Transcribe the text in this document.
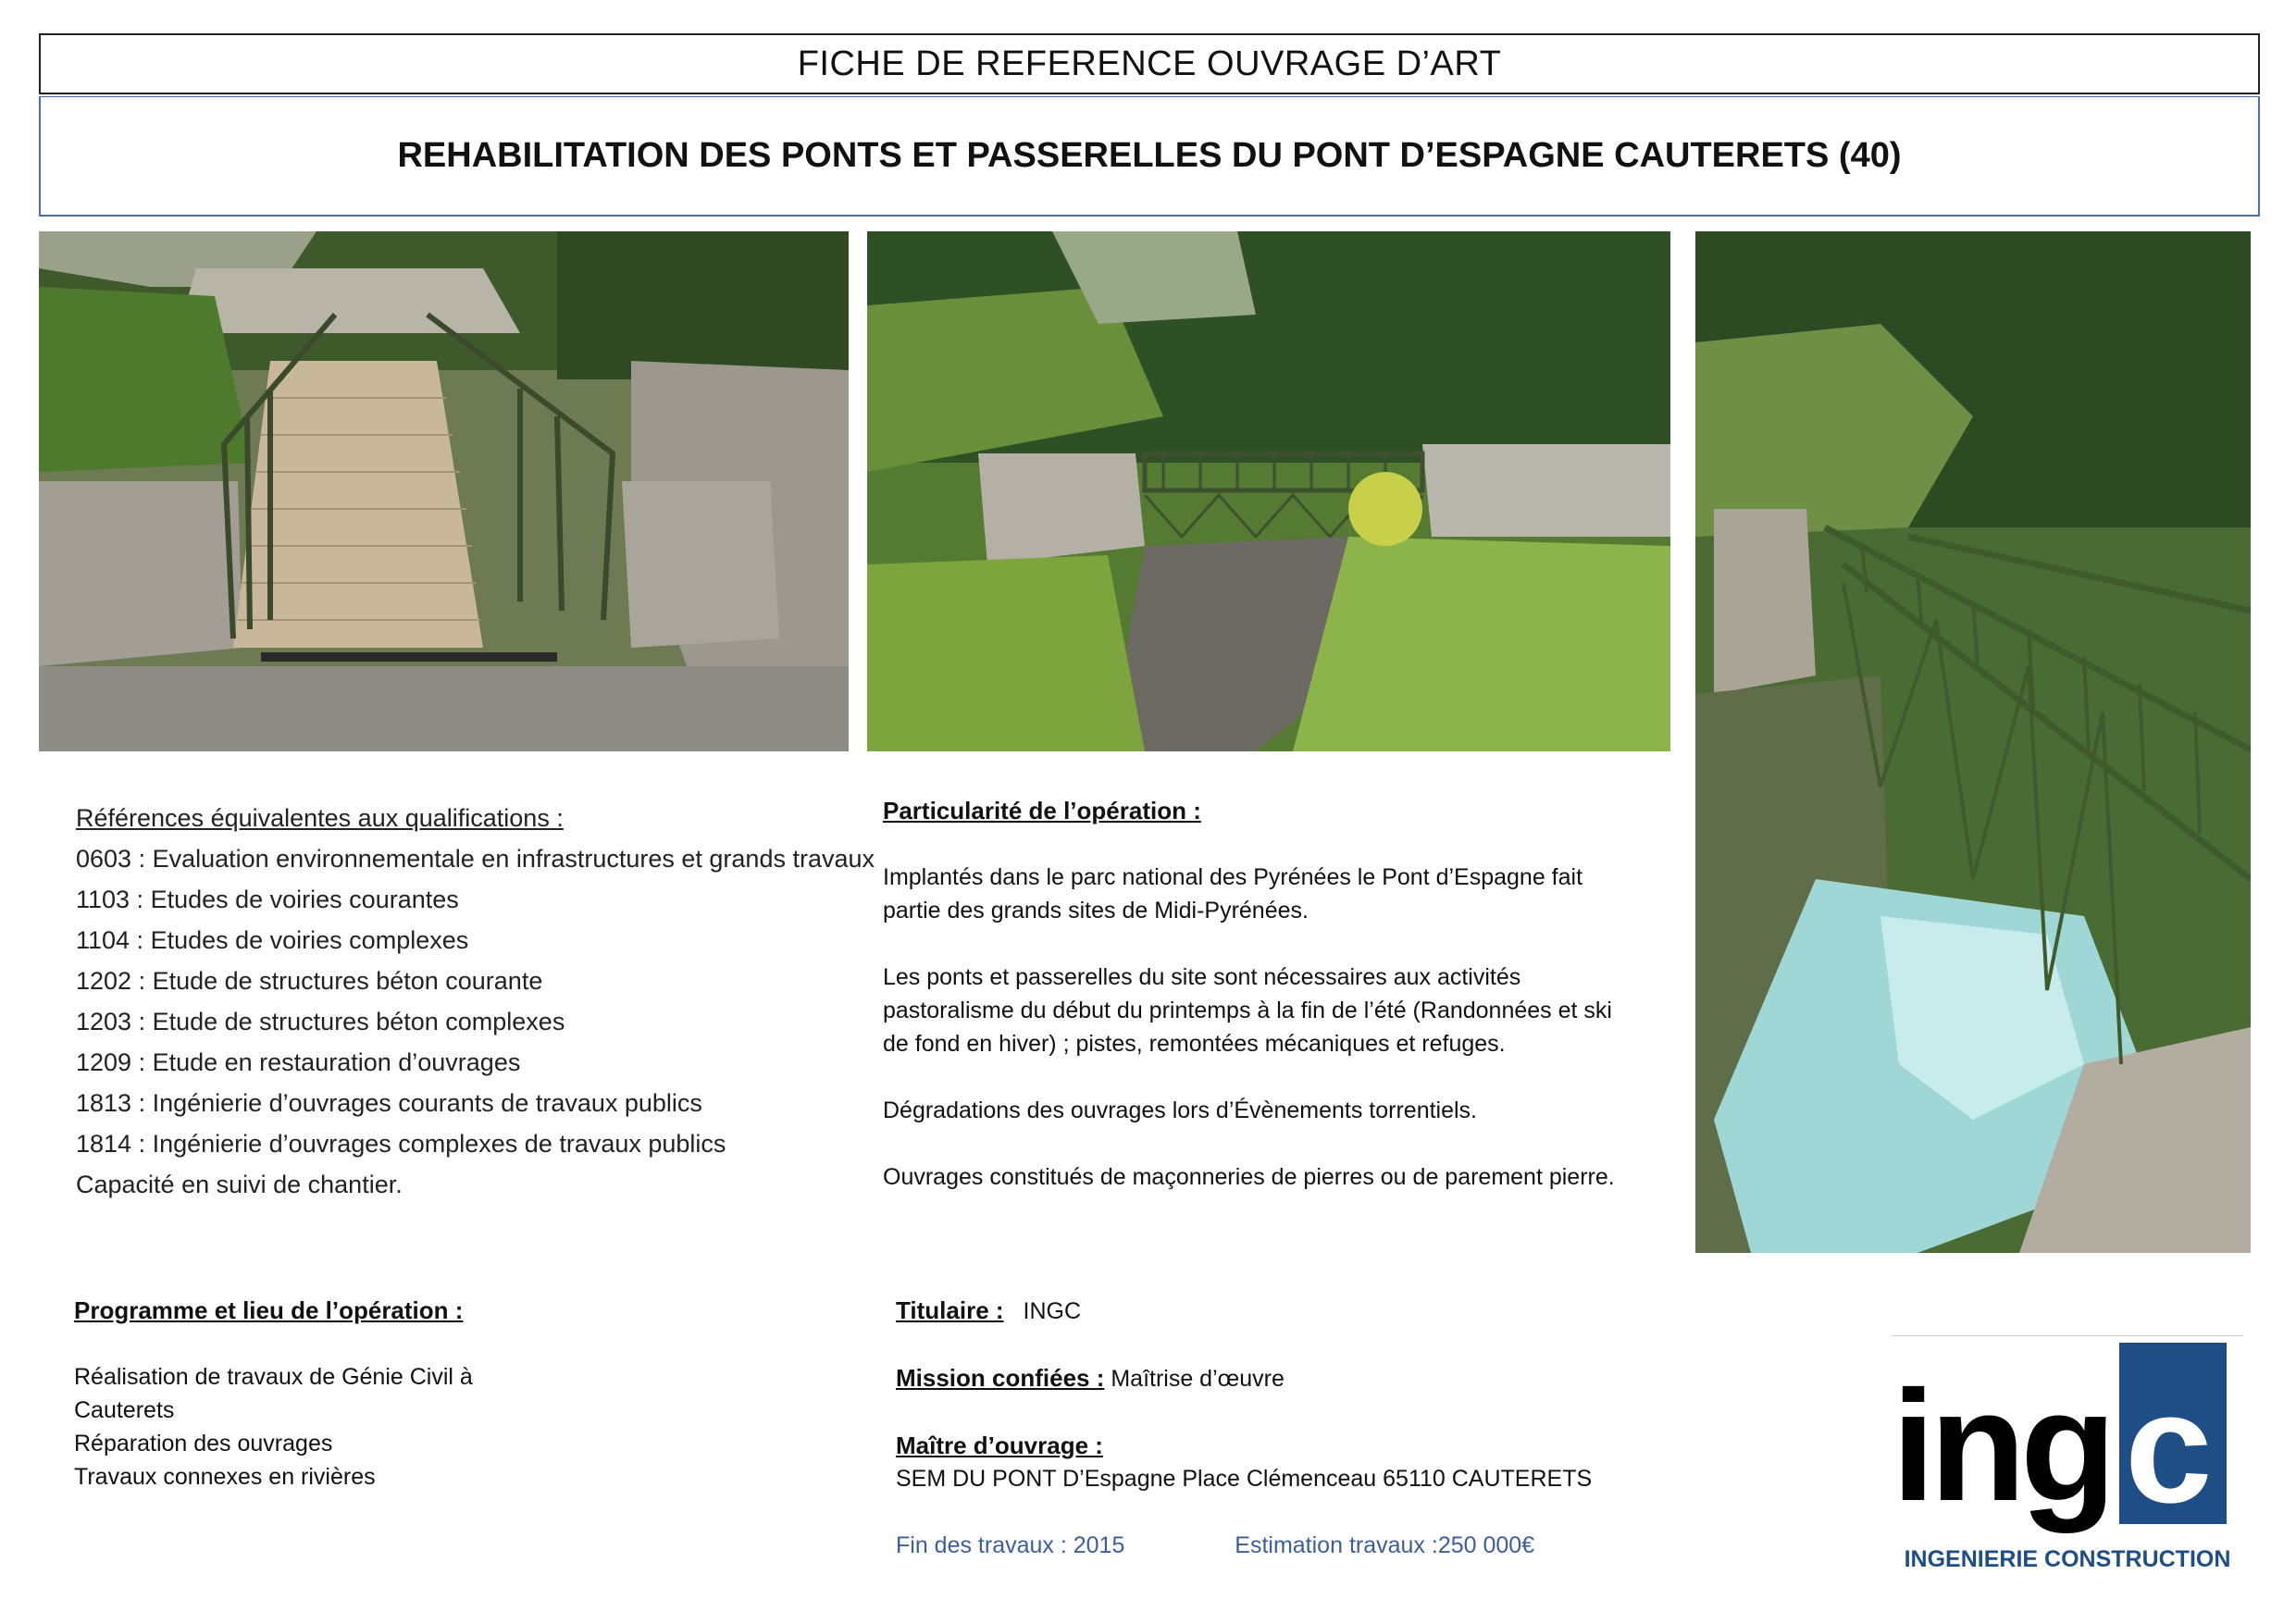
FICHE DE REFERENCE OUVRAGE D’ART
REHABILITATION DES PONTS ET PASSERELLES DU PONT D’ESPAGNE CAUTERETS (40)
Références équivalentes aux qualifications :
0603 : Evaluation environnementale en infrastructures et grands travaux
1103 : Etudes de voiries courantes
1104 : Etudes de voiries complexes
1202 : Etude de structures béton courante
1203 : Etude de structures béton complexes
1209 : Etude en restauration d’ouvrages
1813 : Ingénierie d’ouvrages courants de travaux publics
1814 : Ingénierie d’ouvrages complexes de travaux publics
Capacité en suivi de chantier.

Particularité de l’opération :

Implantés dans le parc national des Pyrénées le Pont d’Espagne fait partie des grands sites de Midi-Pyrénées.

Les ponts et passerelles du site sont nécessaires aux activités pastoralisme du début du printemps à la fin de l’été (Randonnées et ski de fond en hiver) ; pistes, remontées mécaniques et refuges.

Dégradations des ouvrages lors d’Évènements torrentiels.

Ouvrages constitués de maçonneries de pierres ou de parement pierre.

Programme et lieu de l’opération :
Réalisation de travaux de Génie Civil à
Cauterets
Réparation des ouvrages
Travaux connexes en rivières
Titulaire : INGC
Mission confiées : Maîtrise d’œuvre
Maître d’ouvrage :
SEM DU PONT D’Espagne Place Clémenceau 65110 CAUTERETS
Fin des travaux : 2015	Estimation travaux :250 000€
ing c
INGENIERIE CONSTRUCTION
